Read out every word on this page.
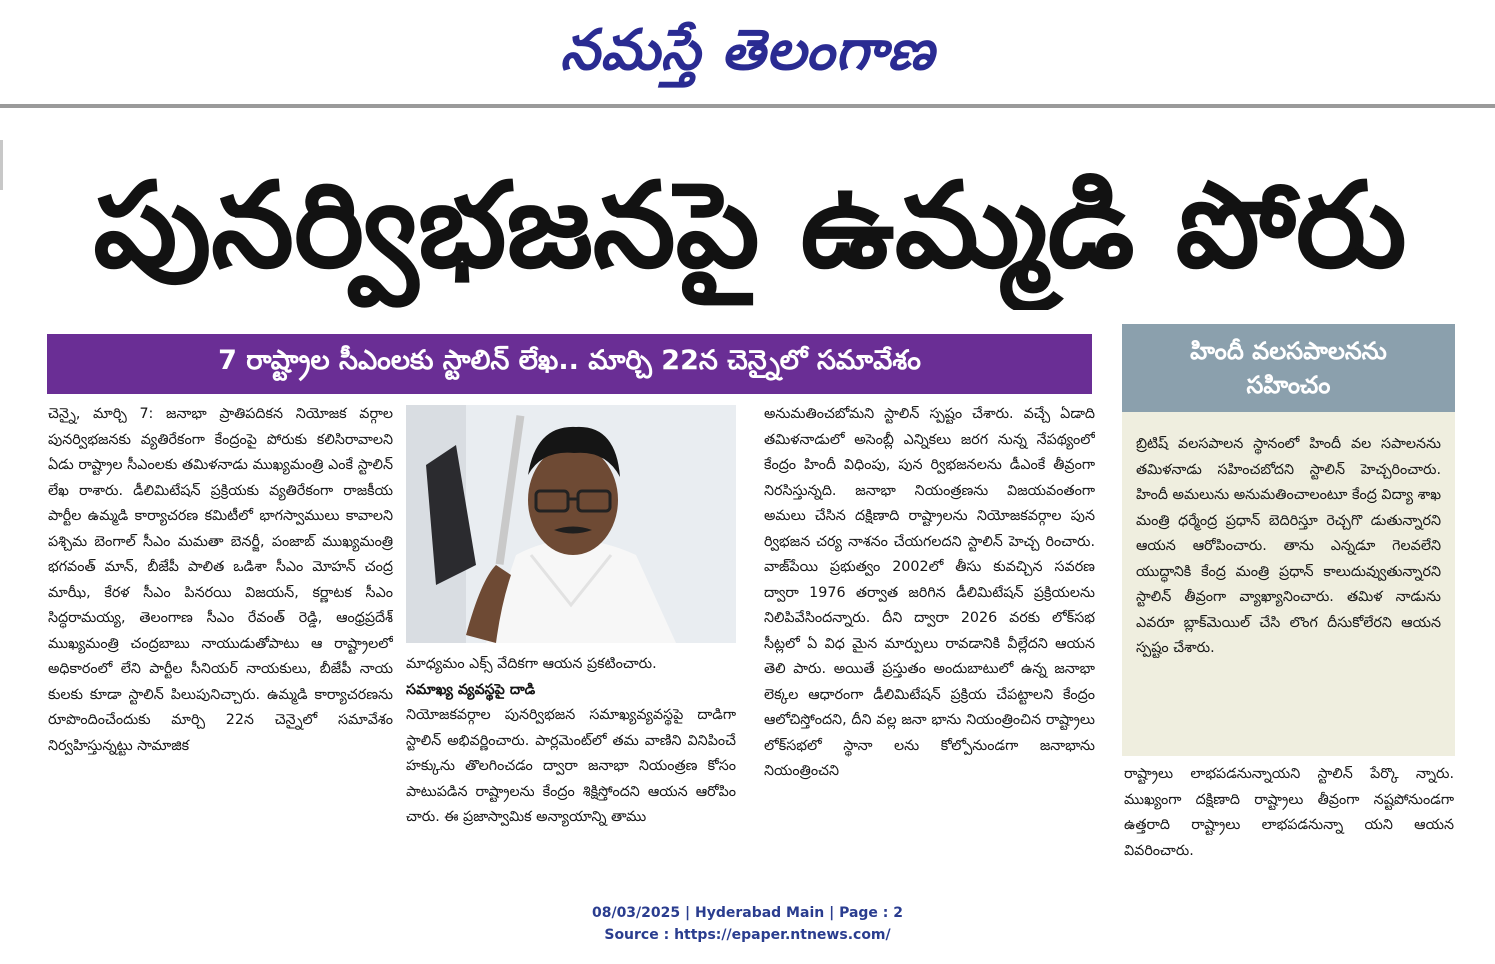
నమస్తే తెలంగాణ
పునర్విభజనపై ఉమ్మడి పోరు
7 రాష్ట్రాల సీఎంలకు స్టాలిన్ లేఖ.. మార్చి 22న చెన్నైలో సమావేశం

చెన్నై, మార్చి 7: జనాభా ప్రాతిపదికన నియోజక వర్గాల పునర్విభజనకు వ్యతిరేకంగా కేంద్రంపై పోరుకు కలిసిరావాలని ఏడు రాష్ట్రాల సీఎంలకు తమిళనాడు ముఖ్యమంత్రి ఎంకే స్టాలిన్ లేఖ రాశారు. డీలిమిటేషన్ ప్రక్రియకు వ్యతిరేకంగా రాజకీయ పార్టీల ఉమ్మడి కార్యాచరణ కమిటీలో భాగస్వాములు కావాలని పశ్చిమ బెంగాల్ సీఎం మమతా బెనర్జీ, పంజాబ్ ముఖ్యమంత్రి భగవంత్ మాన్, బీజేపీ పాలిత ఒడిశా సీఎం మోహన్ చంద్ర మాఝీ, కేరళ సీఎం పినరయి విజయన్, కర్ణాటక సీఎం సిద్ధరామయ్య, తెలంగాణ సీఎం రేవంత్ రెడ్డి, ఆంధ్రప్రదేశ్ ముఖ్యమంత్రి చంద్రబాబు నాయుడుతోపాటు ఆ రాష్ట్రాలలో అధికారంలో లేని పార్టీల సీనియర్ నాయకులు, బీజేపీ నాయ కులకు కూడా స్టాలిన్ పిలుపునిచ్చారు. ఉమ్మడి కార్యాచరణను రూపొందించేందుకు మార్చి 22న చెన్నైలో సమావేశం నిర్వహిస్తున్నట్టు సామాజిక

మాధ్యమం ఎక్స్ వేదికగా ఆయన ప్రకటించారు.

సమాఖ్య వ్యవస్థపై దాడి

నియోజకవర్గాల పునర్విభజన సమాఖ్యవ్యవస్థపై దాడిగా స్టాలిన్ అభివర్ణించారు. పార్లమెంట్‌లో తమ వాణిని వినిపించే హక్కును తొలగించడం ద్వారా జనాభా నియంత్రణ కోసం పాటుపడిన రాష్ట్రాలను కేంద్రం శిక్షిస్తోందని ఆయన ఆరోపిం చారు. ఈ ప్రజాస్వామిక అన్యాయాన్ని తాము

అనుమతించబోమని స్టాలిన్ స్పష్టం చేశారు. వచ్చే ఏడాది తమిళనాడులో అసెంబ్లీ ఎన్నికలు జరగ నున్న నేపథ్యంలో కేంద్రం హిందీ విధింపు, పున ర్విభజనలను డీఎంకే తీవ్రంగా నిరసిస్తున్నది. జనాభా నియంత్రణను విజయవంతంగా అమలు చేసిన దక్షిణాది రాష్ట్రాలను నియోజకవర్గాల పున ర్విభజన చర్య నాశనం చేయగలదని స్టాలిన్ హెచ్చ రించారు. వాజ్‌పేయి ప్రభుత్వం 2002లో తీసు కువచ్చిన సవరణ ద్వారా 1976 తర్వాత జరిగిన డీలిమిటేషన్ ప్రక్రియలను నిలిపివేసిందన్నారు. దీని ద్వారా 2026 వరకు లోక్‌సభ సీట్లలో ఏ విధ మైన మార్పులు రావడానికి వీల్లేదని ఆయన తెలి పారు. అయితే ప్రస్తుతం అందుబాటులో ఉన్న జనాభా లెక్కల ఆధారంగా డీలిమిటేషన్ ప్రక్రియ చేపట్టాలని కేంద్రం ఆలోచిస్తోందని, దీని వల్ల జనా భాను నియంత్రించిన రాష్ట్రాలు లోక్‌సభలో స్థానా లను కోల్పోనుండగా జనాభాను నియంత్రించని

హిందీ వలసపాలనను
సహించం

బ్రిటిష్ వలసపాలన స్థానంలో హిందీ వల సపాలనను తమిళనాడు సహించబోదని స్టాలిన్ హెచ్చరించారు. హిందీ అమలును అనుమతించాలంటూ కేంద్ర విద్యా శాఖ మంత్రి ధర్మేంద్ర ప్రధాన్ బెదిరిస్తూ రెచ్చగొ డుతున్నారని ఆయన ఆరోపించారు. తాను ఎన్నడూ గెలవలేని యుద్ధానికి కేంద్ర మంత్రి ప్రధాన్ కాలుదువ్వుతున్నారని స్టాలిన్ తీవ్రంగా వ్యాఖ్యానించారు. తమిళ నాడును ఎవరూ బ్లాక్‌మెయిల్ చేసి లొంగ దీసుకోలేరని ఆయన స్పష్టం చేశారు.

రాష్ట్రాలు లాభపడనున్నాయని స్టాలిన్ పేర్కొ న్నారు. ముఖ్యంగా దక్షిణాది రాష్ట్రాలు తీవ్రంగా నష్టపోనుండగా ఉత్తరాది రాష్ట్రాలు లాభపడనున్నా యని ఆయన వివరించారు.

08/03/2025 | Hyderabad Main | Page : 2
Source : https://epaper.ntnews.com/
